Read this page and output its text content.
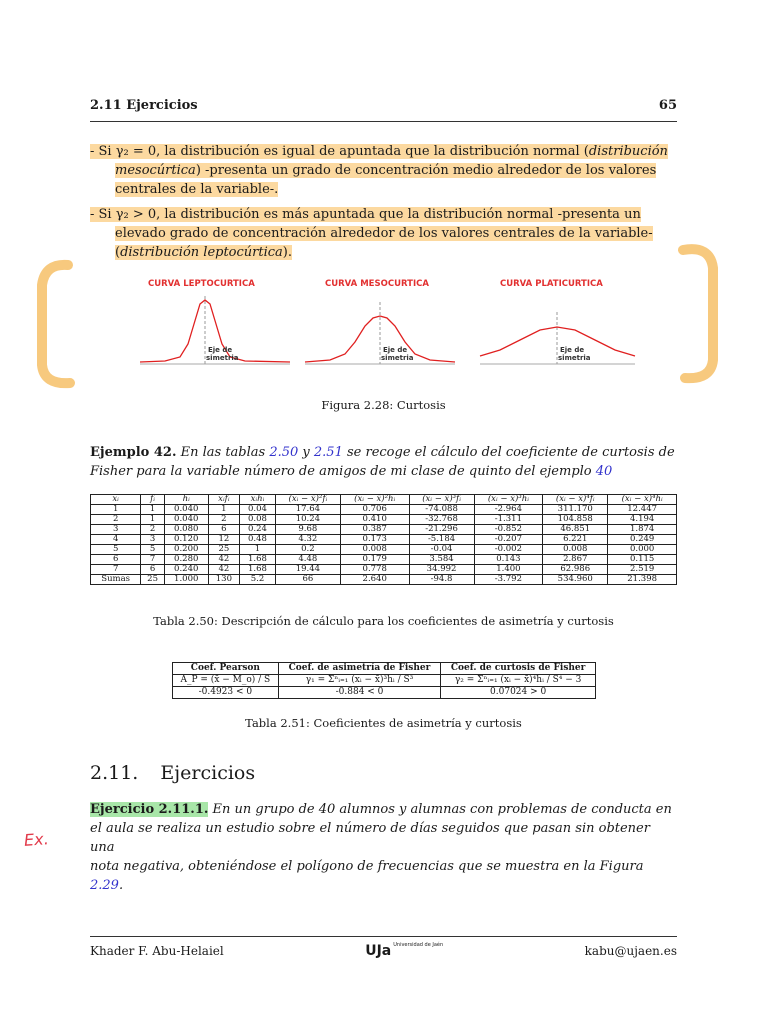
2.11 Ejercicios	65
- Si γ₂ = 0, la distribución es igual de apuntada que la distribución normal (distribución
mesocúrtica) -presenta un grado de concentración medio alrededor de los valores
centrales de la variable-.
- Si γ₂ > 0, la distribución es más apuntada que la distribución normal -presenta un
elevado grado de concentración alrededor de los valores centrales de la variable-
(distribución leptocúrtica).
CURVA LEPTOCURTICA
Eje de
simetria
CURVA MESOCURTICA
Eje de
simetria
CURVA PLATICURTICA
Eje de
simetria
Figura 2.28: Curtosis
Ejemplo 42. En las tablas 2.50 y 2.51 se recoge el cálculo del coeficiente de curtosis de
Fisher para la variable número de amigos de mi clase de quinto del ejemplo 40
xᵢ	fᵢ	hᵢ	xᵢfᵢ	xᵢhᵢ	(xᵢ − x̄)²fᵢ	(xᵢ − x̄)²hᵢ	(xᵢ − x̄)³fᵢ	(xᵢ − x̄)³hᵢ	(xᵢ − x̄)⁴fᵢ	(xᵢ − x̄)⁴hᵢ
1	1	0.040	1	0.04	17.64	0.706	-74.088	-2.964	311.170	12.447
2	1	0.040	2	0.08	10.24	0.410	-32.768	-1.311	104.858	4.194
3	2	0.080	6	0.24	9.68	0.387	-21.296	-0.852	46.851	1.874
4	3	0.120	12	0.48	4.32	0.173	-5.184	-0.207	6.221	0.249
5	5	0.200	25	1	0.2	0.008	-0.04	-0.002	0.008	0.000
6	7	0.280	42	1.68	4.48	0.179	3.584	0.143	2.867	0.115
7	6	0.240	42	1.68	19.44	0.778	34.992	1.400	62.986	2.519
Sumas	25	1.000	130	5.2	66	2.640	-94.8	-3.792	534.960	21.398
Tabla 2.50: Descripción de cálculo para los coeficientes de asimetría y curtosis
Coef. Pearson	Coef. de asimetría de Fisher	Coef. de curtosis de Fisher
A_P = (x̄ − M_o) / S	γ₁ = Σⁿᵢ₌₁ (xᵢ − x̄)³hᵢ / S³	γ₂ = Σⁿᵢ₌₁ (xᵢ − x̄)⁴hᵢ / S⁴ − 3
-0.4923 < 0	-0.884 < 0	0.07024 > 0
Tabla 2.51: Coeficientes de asimetría y curtosis
2.11. Ejercicios
Ejercicio 2.11.1. En un grupo de 40 alumnos y alumnas con problemas de conducta en
el aula se realiza un estudio sobre el número de días seguidos que pasan sin obtener una
nota negativa, obteniéndose el polígono de frecuencias que se muestra en la Figura 2.29.
Ex.
Khader F. Abu-Helaiel	UJa Universidad de Jaén	kabu@ujaen.es
